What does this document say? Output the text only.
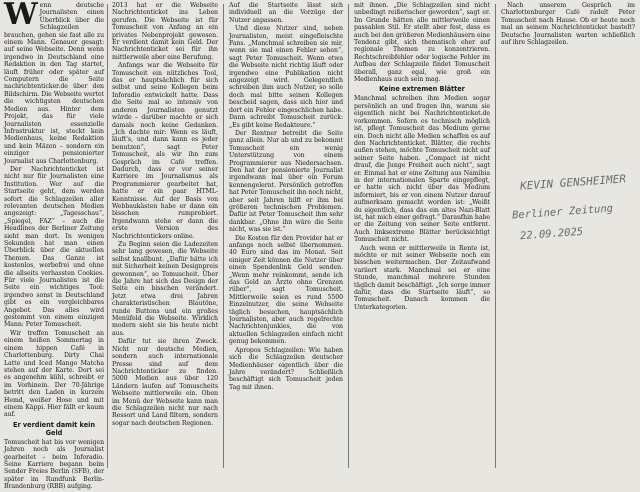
W enn deutsche Journalisten einen Überblick über die Schlagzeilen brauchen, gehen sie fast alle zu einem Mann. Genauer gesagt: auf seine Webseite. Denn wenn irgendwo in Deutschland eine Redaktion in den Tag startet, läuft früher oder später auf Computern die Seite nachrichtenticker.de über den Bildschirm. Die Webseite wertet die wichtigsten deutschen Medien aus. Hinter dem Projekt, das für viele Journalisten essenzielle Infrastruktur ist, steckt kein Medienhaus, keine Redaktion und kein Mäzen – sondern ein einziger pensionierter Journalist aus Charlottenburg.

Der Nachrichtenticket ist nicht nur für Journalisten eine Institution. Wer auf die Startseite geht, dem werden sofort die Schlagzeilen aller relevanten deutschen Medien angezeigt: „Tagesschau“, „Spiegel, FAZ“ – auch die Headlines der Berliner Zeitung sieht man dort. In wenigen Sekunden hat man einen Überblick über die aktuellen Themen. Das Ganze ist kostenlos, werbefrei und ohne die allseits verhassten Cookies. Für viele Journalisten ist die Seite ein wichtiges Tool: irgendwo sonst in Deutschland gibt es ein vergleichbares Angebot. Das alles wird gestemmt von einem einzigen Mann: Peter Tomuscheit.

Wir treffen Tomuscheit an einem heißen Sommertag in einem hippen Café in Charlottenburg. Dirty Chai Latte und Iced Mango Matcha stehen auf der Karte. Dort sei es angenehm kühl, schreibt er im Vorhinein. Der 70-Jährige betritt den Laden in kurzem Hemd, weißer Hose und mit einem Käppi. Hier fällt er kaum auf.

Er verdient damit kein Geld

Tomuscheit hat bis vor wenigen Jahren noch als Journalist gearbeitet – beim Inforadio. Seine Karriere begann beim Sender Freies Berlin (SFB), der später im Rundfunk Berlin-Brandenburg (RBB) aufging.

2013 hat er die Webseite Nachrichtenticket ins Leben gerufen. Die Webseite ist für Tomuscheit von Anfang an ein privates Nebenprojekt gewesen. Er verdient damit kein Geld. Der Nachrichtenticket sei für ihn mittlerweile aber eine Berufung.

Anfangs war die Webseite für Tomuscheit ein nützliches Tool, das er hauptsächlich für sich selbst und seine Kollegen beim Inforadio entwickelt hatte. Dass die Seite mal so intensiv von anderen Journalisten genutzt würde – darüber machte er sich damals noch keine Gedanken. „Ich dachte mir: Wenn es läuft, läuft's, und dann kann es jeder benutzen“, sagt Peter Tomuscheit, als wir ihn zum Gespräch im Café treffen. Dadurch, dass er vor seiner Karriere im Journalismus als Programmierer gearbeitet hat, hatte er ein paar HTML-Kenntnisse. Auf der Basis von Webbaukästen habe er dann ein bisschen rumprobiert. Irgendwann stehe er dann die erste Version des Nachrichtentickers online.

Zu Beginn seien die Ladezeiten sehr lang gewesen, die Webseite selbst knallbunt. „Dafür hätte ich mit Sicherheit keinen Designpreis gewonnen“, so Tomuscheit. Über die Jahre hat sich das Design der Seite ein bisschen verändert. Jetzt etwa drei Jahren charakteristischen Blautöne, runde Buttons und ein großes Menüfeld die Webseite. Wirklich modern sieht sie bis heute nicht aus.

Dafür tut sie ihren Zweck. Nicht nur deutsche Medien, sondern auch internationale Presse sind auf dem Nachrichtenticker zu finden. 5000 Medien aus über 120 Ländern laufen auf Tomuscheits Webseite mittlerweile ein. Oben im Menü der Webseite kann man die Schlagzeilen nicht nur nach Ressort und Land filtern, sondern sogar nach deutschen Regionen.

Auf die Startseite lässt sich individuell an die Vorzüge der Nutzer anpassen.

Und diese Nutzer sind, neben Journalisten, meist eingefleischte Fans. „Manchmal schreiben sie mir, wenn sie mal einen Fehler sehen“, sagt Peter Tomuscheit. Wenn etwa die Webseite nicht richtig läuft oder irgendwo eine Publikation nicht angezeigt wird. Gelegentlich schreiben ihm auch Nutzer, so solle doch mal bitte seinen Kollegen bescheid sagen, dass sich hier und dort ein Fehler eingeschlichen habe. Dann schreibt Tomuscheit zurück: „Es gibt keine Redakteure.“

Der Rentner betreibt die Seite ganz allein. Nur ab und zu bekommt Tomuscheit ein wenig Unterstützung von einem Programmierer aus Niedersachsen. Den hat der pensionierte Journalist irgendwann mal über ein Forum kennengelernt. Persönlich getroffen hat Peter Tomuscheit ihn noch nicht, aber seit Jahren hilft er ihm bei größeren technischen Problemen. Dafür ist Peter Tomuscheit ihm sehr dankbar. „Ohne ihn wäre die Seite nicht, was sie ist.“

Die Kosten für den Provider hat er anfangs noch selbst übernommen. 40 Euro sind das im Monat. Seit einiger Zeit können die Nutzer über einen Spendenlink Geld senden. „Wenn mehr reinkommt, sende ich das Geld an Ärzte ohne Grenzen rüber“, sagt Tomuscheit. Mittlerweile seien es rund 5500 Einzelnutzer, die seine Webseite täglich besuchen, hauptsächlich Journalisten, aber auch regelrechte Nachrichtenjunkies, die von aktuellen Schlagzeilen einfach nicht genug bekommen.

Apropos Schlagzeilen: Wie haben sich die Schlagzeilen deutscher Medienhäuser eigentlich über die Jahre verändert? Schließlich beschäftigt sich Tomuscheit jeden Tag mit ihnen.

mit ihnen. „Die Schlagzeilen sind nicht unbedingt reißerischer geworden“, sagt er. Im Grunde hätten alle mittlerweile einen passablen Stil. Er stellt aber fest, dass es auch bei den größeren Medienhäusern eine Tendenz gibt, sich thematisch eher auf regionale Themen zu konzentrieren. Rechtschreibfehler oder logische Fehler im Aufbau der Schlagzeile findet Tomuscheit überall, ganz egal, wie groß ein Medienhaus auch sein mag.

Keine extremen Blätter

Manchmal schreiben ihm Medien sogar persönlich an und fragen ihn, warum sie eigentlich nicht bei Nachrichtenticket.de vorkommen. Sofern es technisch möglich ist, pflegt Tomuscheit das Medium gerne ein. Doch nicht alle Medien schaffen es auf den Nachrichtenticket. Blätter, die rechts außen stehen, möchte Tomuscheit nicht auf seiner Seite haben. „Compact ist nicht drauf, die Junge Freiheit auch nicht“, sagt er. Einmal hat er eine Zeitung aus Namibia in der internationalen Sparte eingepflegt, er hatte sich nicht über das Medium informiert, bis er von einem Nutzer darauf aufmerksam gemacht worden ist: „Weißt du eigentlich, dass das ein altes Nazi-Blatt ist, hat mich einer gefragt.“ Daraufhin habe er die Zeitung von seiner Seite entfernt. Auch linksextreme Blätter berücksichtigt Tomuscheit nicht.

Auch wenn er mittlerweile in Rente ist, möchte er mit seiner Webseite noch ein bisschen weitermachen. Der Zeitaufwand variiert stark. Manchmal sei er eine Stunde, manchmal mehrere Stunden täglich damit beschäftigt. „Ich sorge immer dafür, dass die Startseite läuft“, so Tomuscheit. Danach kommen die Unterkategorien.

Nach unserem Gespräch im Charlottenburger Café radelt Peter Tomuscheit nach Hause. Ob er heute noch mal an seinem Nachrichtenticket bastelt? Deutsche Journalisten warten schließlich auf ihre Schlagzeilen.

KEVIN GENSHEIMER
Berliner Zeitung
22.09.2025
